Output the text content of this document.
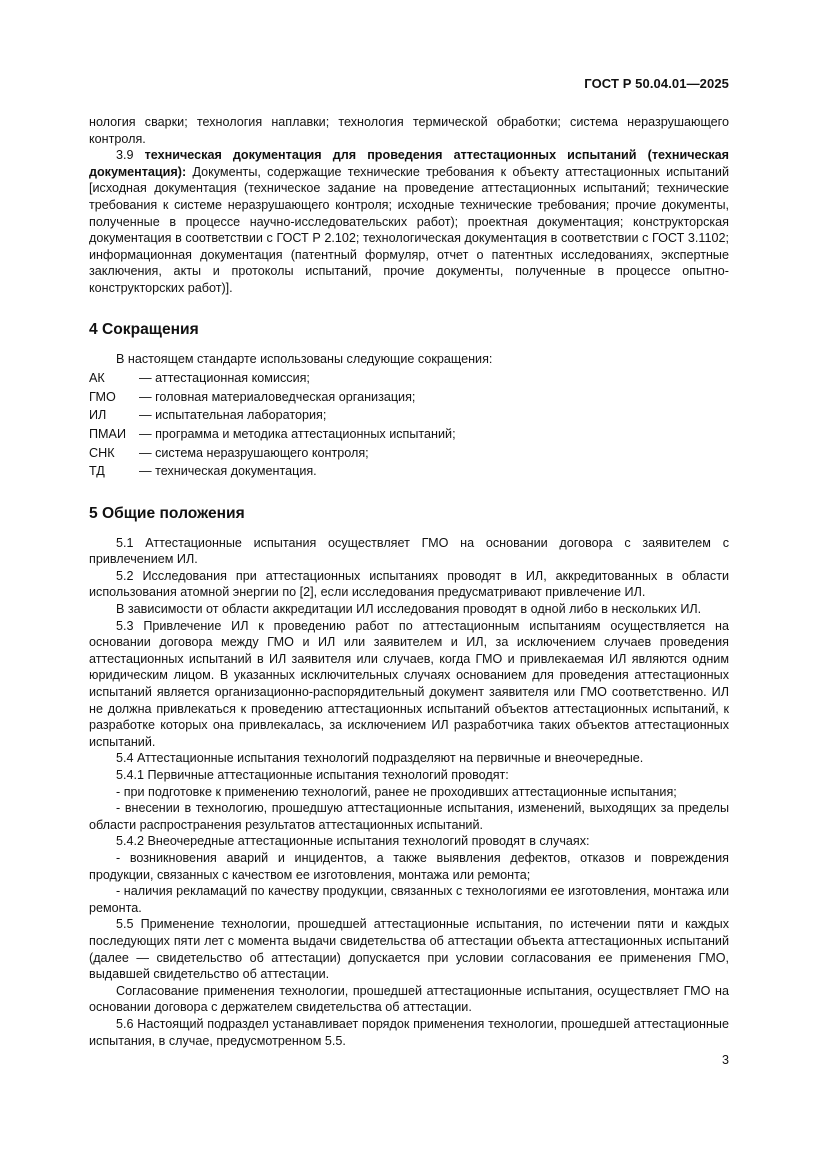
ГОСТ Р 50.04.01—2025

нология сварки; технология наплавки; технология термической обработки; система неразрушающего контроля.

3.9 техническая документация для проведения аттестационных испытаний (техническая документация): Документы, содержащие технические требования к объекту аттестационных испытаний [исходная документация (техническое задание на проведение аттестационных испытаний; технические требования к системе неразрушающего контроля; исходные технические требования; прочие документы, полученные в процессе научно-исследовательских работ); проектная документация; конструкторская документация в соответствии с ГОСТ Р 2.102; технологическая документация в соответствии с ГОСТ 3.1102; информационная документация (патентный формуляр, отчет о патентных исследованиях, экспертные заключения, акты и протоколы испытаний, прочие документы, полученные в процессе опытно-конструкторских работ)].

4 Сокращения

В настоящем стандарте использованы следующие сокращения:

АК	— аттестационная комиссия;
ГМО	— головная материаловедческая организация;
ИЛ	— испытательная лаборатория;
ПМАИ	— программа и методика аттестационных испытаний;
СНК	— система неразрушающего контроля;
ТД	— техническая документация.
5 Общие положения

5.1 Аттестационные испытания осуществляет ГМО на основании договора с заявителем с привлечением ИЛ.

5.2 Исследования при аттестационных испытаниях проводят в ИЛ, аккредитованных в области использования атомной энергии по [2], если исследования предусматривают привлечение ИЛ.

В зависимости от области аккредитации ИЛ исследования проводят в одной либо в нескольких ИЛ.

5.3 Привлечение ИЛ к проведению работ по аттестационным испытаниям осуществляется на основании договора между ГМО и ИЛ или заявителем и ИЛ, за исключением случаев проведения аттестационных испытаний в ИЛ заявителя или случаев, когда ГМО и привлекаемая ИЛ являются одним юридическим лицом. В указанных исключительных случаях основанием для проведения аттестационных испытаний является организационно-распорядительный документ заявителя или ГМО соответственно. ИЛ не должна привлекаться к проведению аттестационных испытаний объектов аттестационных испытаний, к разработке которых она привлекалась, за исключением ИЛ разработчика таких объектов аттестационных испытаний.

5.4 Аттестационные испытания технологий подразделяют на первичные и внеочередные.

5.4.1 Первичные аттестационные испытания технологий проводят:

- при подготовке к применению технологий, ранее не проходивших аттестационные испытания;

- внесении в технологию, прошедшую аттестационные испытания, изменений, выходящих за пределы области распространения результатов аттестационных испытаний.

5.4.2 Внеочередные аттестационные испытания технологий проводят в случаях:

- возникновения аварий и инцидентов, а также выявления дефектов, отказов и повреждения продукции, связанных с качеством ее изготовления, монтажа или ремонта;

- наличия рекламаций по качеству продукции, связанных с технологиями ее изготовления, монтажа или ремонта.

5.5 Применение технологии, прошедшей аттестационные испытания, по истечении пяти и каждых последующих пяти лет с момента выдачи свидетельства об аттестации объекта аттестационных испытаний (далее — свидетельство об аттестации) допускается при условии согласования ее применения ГМО, выдавшей свидетельство об аттестации.

Согласование применения технологии, прошедшей аттестационные испытания, осуществляет ГМО на основании договора с держателем свидетельства об аттестации.

5.6 Настоящий подраздел устанавливает порядок применения технологии, прошедшей аттестационные испытания, в случае, предусмотренном 5.5.

3
